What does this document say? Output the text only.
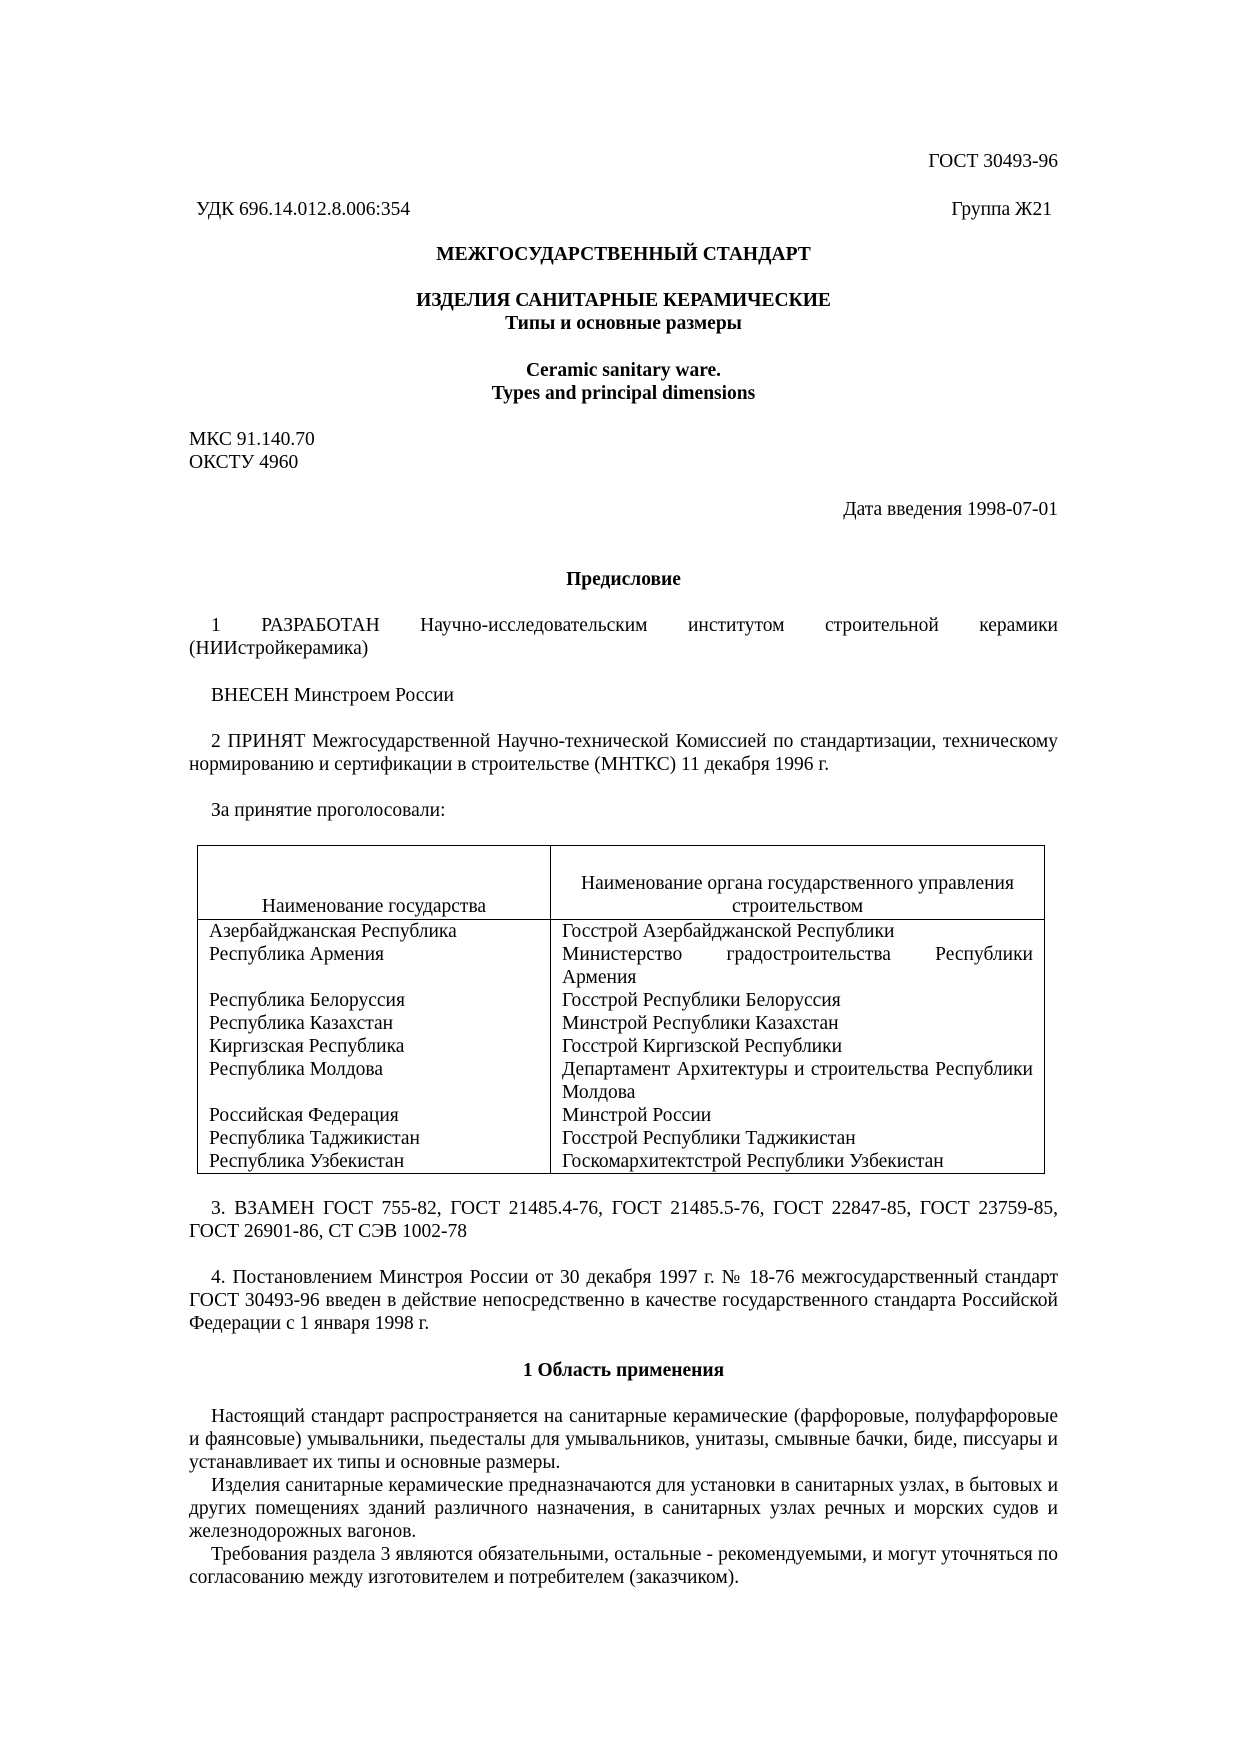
ГОСТ 30493-96
УДК 696.14.012.8.006:354	Группа Ж21
МЕЖГОСУДАРСТВЕННЫЙ СТАНДАРТ
ИЗДЕЛИЯ САНИТАРНЫЕ КЕРАМИЧЕСКИЕ
Типы и основные размеры
Ceramic sanitary ware.
Types and principal dimensions
МКС 91.140.70
ОКСТУ 4960
Дата введения 1998-07-01
Предисловие
1 РАЗРАБОТАН Научно-исследовательским институтом строительной керамики
(НИИстройкерамика)
ВНЕСЕН Минстроем России
2 ПРИНЯТ Межгосударственной Научно-технической Комиссией по стандартизации, техническому нормированию и сертификации в строительстве (МНТКС) 11 декабря 1996 г.
За принятие проголосовали:
Наименование государства	Наименование органа государственного управления строительством
Азербайджанская Республика	Госстрой Азербайджанской Республики
Республика Армения	Министерство градостроительства Республики Армения
Республика Белоруссия	Госстрой Республики Белоруссия
Республика Казахстан	Минстрой Республики Казахстан
Киргизская Республика	Госстрой Киргизской Республики
Республика Молдова	Департамент Архитектуры и строительства Республики Молдова
Российская Федерация	Минстрой России
Республика Таджикистан	Госстрой Республики Таджикистан
Республика Узбекистан	Госкомархитектстрой Республики Узбекистан
3. ВЗАМЕН ГОСТ 755-82, ГОСТ 21485.4-76, ГОСТ 21485.5-76, ГОСТ 22847-85, ГОСТ 23759-85, ГОСТ 26901-86, СТ СЭВ 1002-78
4. Постановлением Минстроя России от 30 декабря 1997 г. № 18-76 межгосударственный стандарт ГОСТ 30493-96 введен в действие непосредственно в качестве государственного стандарта Российской Федерации с 1 января 1998 г.
1 Область применения
Настоящий стандарт распространяется на санитарные керамические (фарфоровые, полуфарфоровые и фаянсовые) умывальники, пьедесталы для умывальников, унитазы, смывные бачки, биде, писсуары и устанавливает их типы и основные размеры.
Изделия санитарные керамические предназначаются для установки в санитарных узлах, в бытовых и других помещениях зданий различного назначения, в санитарных узлах речных и морских судов и железнодорожных вагонов.
Требования раздела 3 являются обязательными, остальные - рекомендуемыми, и могут уточняться по согласованию между изготовителем и потребителем (заказчиком).
